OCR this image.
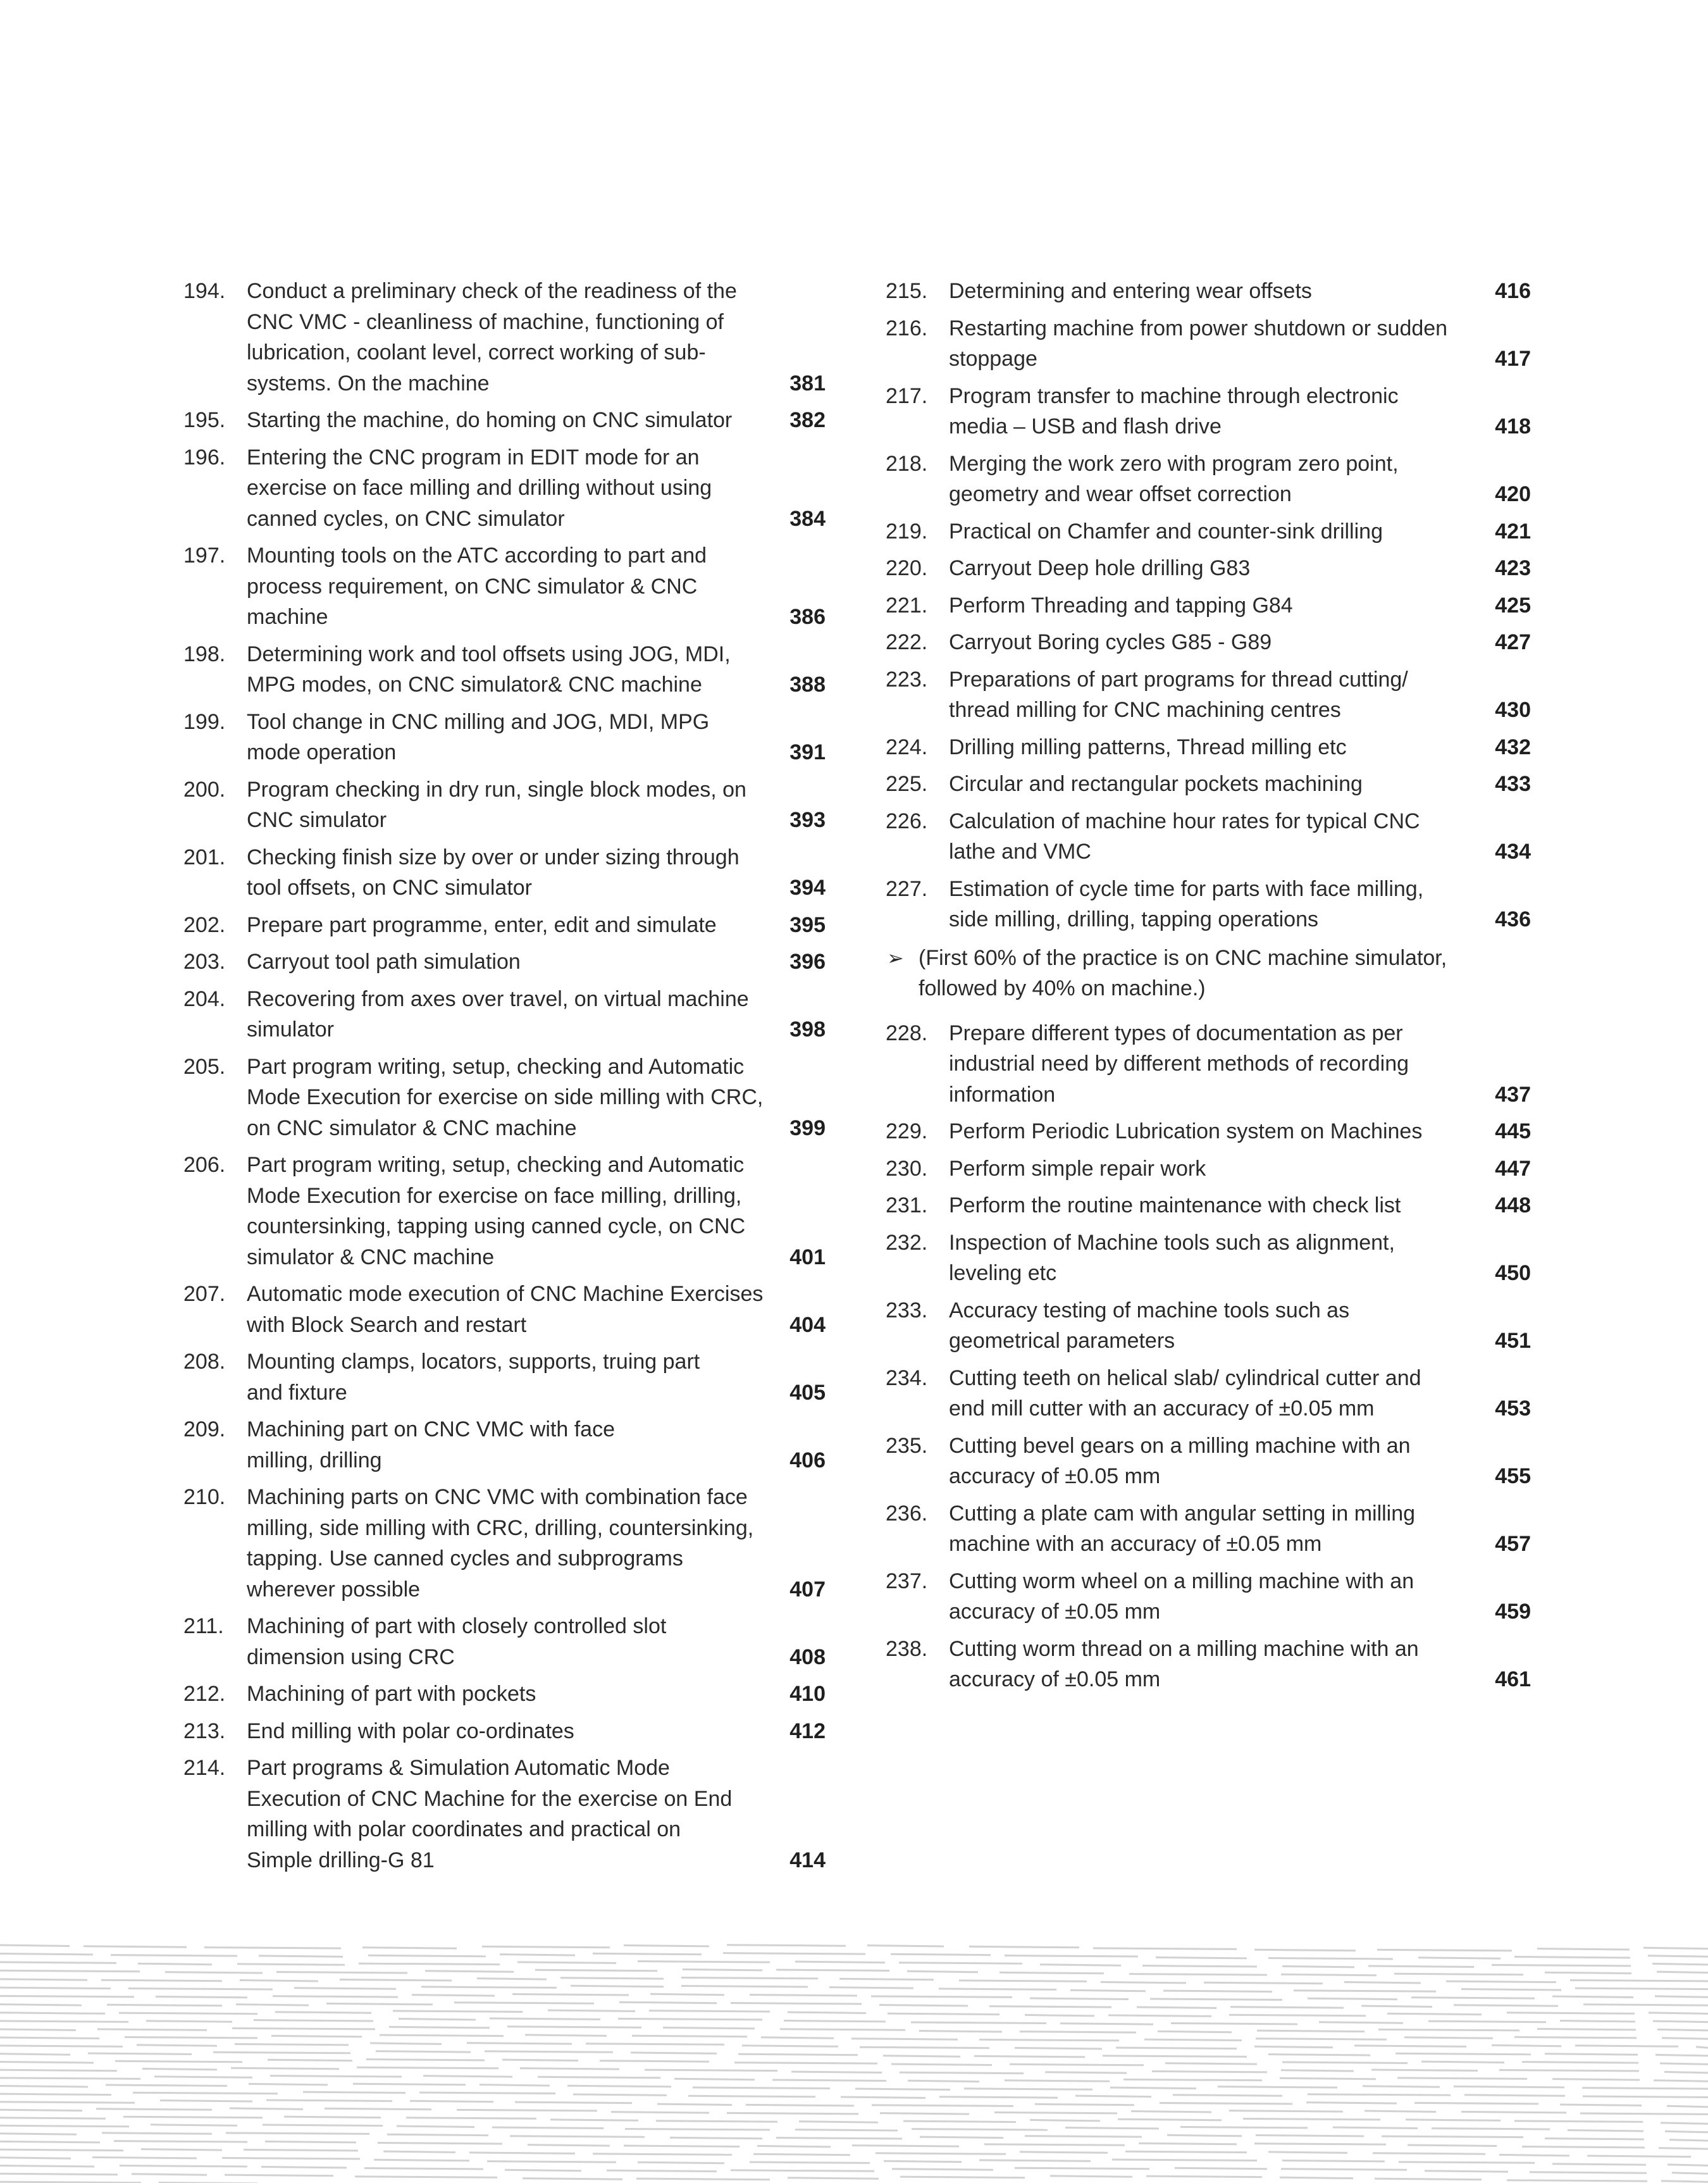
194. Conduct a preliminary check of the readiness of the
CNC VMC - cleanliness of machine, functioning of
lubrication, coolant level, correct working of sub-
systems. On the machine	381
195. Starting the machine, do homing on CNC simulator	382
196. Entering the CNC program in EDIT mode for an
exercise on face milling and drilling without using
canned cycles, on CNC simulator	384
197. Mounting tools on the ATC according to part and
process requirement, on CNC simulator & CNC
machine	386
198. Determining work and tool offsets using JOG, MDI,
MPG modes, on CNC simulator& CNC machine	388
199. Tool change in CNC milling and JOG, MDI, MPG
mode operation	391
200. Program checking in dry run, single block modes, on
CNC simulator	393
201. Checking finish size by over or under sizing through
tool offsets, on CNC simulator	394
202. Prepare part programme, enter, edit and simulate	395
203. Carryout tool path simulation	396
204. Recovering from axes over travel, on virtual machine
simulator	398
205. Part program writing, setup, checking and Automatic
Mode Execution for exercise on side milling with CRC,
on CNC simulator & CNC machine	399
206. Part program writing, setup, checking and Automatic
Mode Execution for exercise on face milling, drilling,
countersinking, tapping using canned cycle, on CNC
simulator & CNC machine	401
207. Automatic mode execution of CNC Machine Exercises
with Block Search and restart	404
208. Mounting clamps, locators, supports, truing part
and fixture	405
209. Machining part on CNC VMC with face
milling, drilling	406
210. Machining parts on CNC VMC with combination face
milling, side milling with CRC, drilling, countersinking,
tapping. Use canned cycles and subprograms
wherever possible	407
211.	Machining of part with closely controlled slot
dimension using CRC	408
212. Machining of part with pockets	410
213. End milling with polar co-ordinates	412
214. Part programs & Simulation Automatic Mode
Execution of CNC Machine for the exercise on End
milling with polar coordinates and practical on
Simple drilling-G 81	414
215. Determining and entering wear offsets	416
216. Restarting machine from power shutdown or sudden
stoppage	417
217. Program transfer to machine through electronic
media – USB and flash drive	418
218. Merging the work zero with program zero point,
geometry and wear offset correction	420
219. Practical on Chamfer and counter-sink drilling	421
220. Carryout Deep hole drilling G83	423
221. Perform Threading and tapping G84	425
222. Carryout Boring cycles G85 - G89	427
223. Preparations of part programs for thread cutting/
thread milling for CNC machining centres	430
224. Drilling milling patterns, Thread milling etc	432
225. Circular and rectangular pockets machining	433
226. Calculation of machine hour rates for typical CNC
lathe and VMC	434
227. Estimation of cycle time for parts with face milling,
side milling, drilling, tapping operations	436
➢ (First 60% of the practice is on CNC machine simulator,
followed by 40% on machine.)
228. Prepare different types of documentation as per
industrial need by different methods of recording
information	437
229. Perform Periodic Lubrication system on Machines	445
230. Perform simple repair work	447
231. Perform the routine maintenance with check list	448
232. Inspection of Machine tools such as alignment,
leveling etc	450
233. Accuracy testing of machine tools such as
geometrical parameters	451
234. Cutting teeth on helical slab/ cylindrical cutter and
end mill cutter with an accuracy of ±0.05 mm	453
235. Cutting bevel gears on a milling machine with an
accuracy of ±0.05 mm	455
236. Cutting a plate cam with angular setting in milling
machine with an accuracy of ±0.05 mm	457
237. Cutting worm wheel on a milling machine with an
accuracy of ±0.05 mm	459
238. Cutting worm thread on a milling machine with an
accuracy of ±0.05 mm	461
